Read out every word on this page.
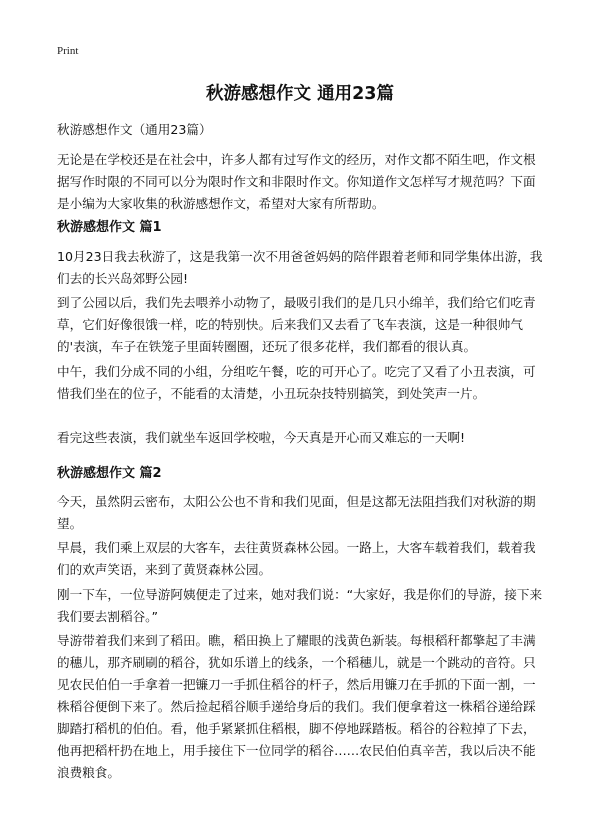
Print
秋游感想作文 通用23篇

秋游感想作文（通用23篇）

无论是在学校还是在社会中，许多人都有过写作文的经历，对作文都不陌生吧，作文根据写作时限的不同可以分为限时作文和非限时作文。你知道作文怎样写才规范吗？下面是小编为大家收集的秋游感想作文，希望对大家有所帮助。

秋游感想作文 篇1

10月23日我去秋游了，这是我第一次不用爸爸妈妈的陪伴跟着老师和同学集体出游，我们去的长兴岛郊野公园!

到了公园以后，我们先去喂养小动物了，最吸引我们的是几只小绵羊，我们给它们吃青草，它们好像很饿一样，吃的特别快。后来我们又去看了飞车表演，这是一种很帅气的'表演，车子在铁笼子里面转圈圈，还玩了很多花样，我们都看的很认真。

中午，我们分成不同的小组，分组吃午餐，吃的可开心了。吃完了又看了小丑表演，可惜我们坐在的位子，不能看的太清楚，小丑玩杂技特别搞笑，到处笑声一片。

看完这些表演，我们就坐车返回学校啦，今天真是开心而又难忘的一天啊!

秋游感想作文 篇2

今天，虽然阴云密布，太阳公公也不肯和我们见面，但是这都无法阻挡我们对秋游的期望。

早晨，我们乘上双层的大客车，去往黄贤森林公园。一路上，大客车载着我们，载着我们的欢声笑语，来到了黄贤森林公园。

刚一下车，一位导游阿姨便走了过来，她对我们说：“大家好，我是你们的导游，接下来我们要去割稻谷。”

导游带着我们来到了稻田。瞧，稻田换上了耀眼的浅黄色新装。每根稻秆都擎起了丰满的穗儿，那齐刷刷的稻谷，犹如乐谱上的线条，一个稻穗儿，就是一个跳动的音符。只见农民伯伯一手拿着一把镰刀一手抓住稻谷的杆子，然后用镰刀在手抓的下面一割，一株稻谷便倒下来了。然后捡起稻谷顺手递给身后的我们。我们便拿着这一株稻谷递给踩脚踏打稻机的伯伯。看，他手紧紧抓住稻根，脚不停地踩踏板。稻谷的谷粒掉了下去，他再把稻杆扔在地上，用手接住下一位同学的稻谷……农民伯伯真辛苦，我以后决不能浪费粮食。
